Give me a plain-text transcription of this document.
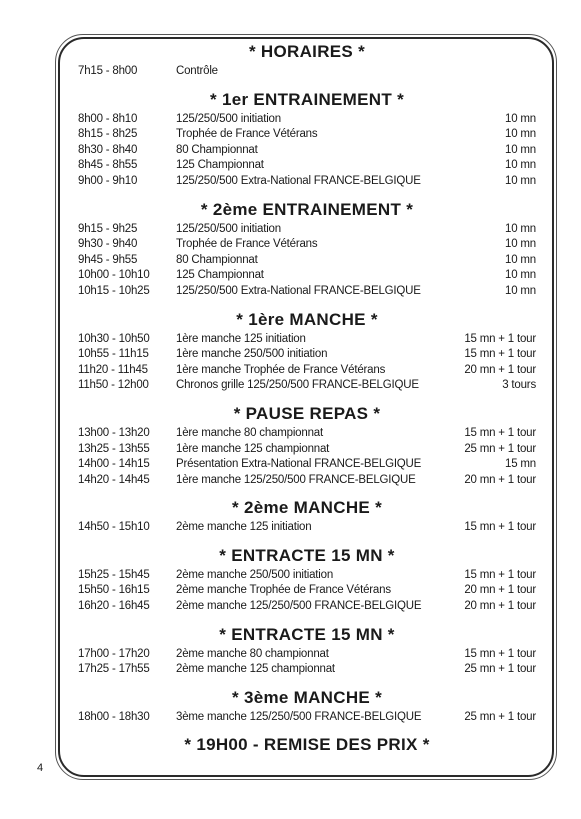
* HORAIRES *
7h15 - 8h00	Contrôle
* 1er ENTRAINEMENT *
8h00 - 8h10	125/250/500 initiation	10 mn
8h15 - 8h25	Trophée de France Vétérans	10 mn
8h30 - 8h40	80 Championnat	10 mn
8h45 - 8h55	125 Championnat	10 mn
9h00 - 9h10	125/250/500 Extra-National FRANCE-BELGIQUE	10 mn
* 2ème ENTRAINEMENT *
9h15 - 9h25	125/250/500 initiation	10 mn
9h30 - 9h40	Trophée de France Vétérans	10 mn
9h45 - 9h55	80 Championnat	10 mn
10h00 - 10h10	125 Championnat	10 mn
10h15 - 10h25	125/250/500 Extra-National FRANCE-BELGIQUE	10 mn
* 1ère MANCHE *
10h30 - 10h50	1ère manche 125 initiation	15 mn + 1 tour
10h55 - 11h15	1ère manche 250/500 initiation	15 mn + 1 tour
11h20 - 11h45	1ère manche Trophée de France Vétérans	20 mn + 1 tour
11h50 - 12h00	Chronos grille 125/250/500 FRANCE-BELGIQUE	3 tours
* PAUSE REPAS *
13h00 - 13h20	1ère manche 80 championnat	15 mn + 1 tour
13h25 - 13h55	1ère manche 125 championnat	25 mn + 1 tour
14h00 - 14h15	Présentation Extra-National FRANCE-BELGIQUE	15 mn
14h20 - 14h45	1ère manche 125/250/500 FRANCE-BELGIQUE	20 mn + 1 tour
* 2ème MANCHE *
14h50 - 15h10	2ème manche 125 initiation	15 mn + 1 tour
* ENTRACTE 15 MN *
15h25 - 15h45	2ème manche 250/500 initiation	15 mn + 1 tour
15h50 - 16h15	2ème manche Trophée de France Vétérans	20 mn + 1 tour
16h20 - 16h45	2ème manche 125/250/500 FRANCE-BELGIQUE	20 mn + 1 tour
* ENTRACTE 15 MN *
17h00 - 17h20	2ème manche 80 championnat	15 mn + 1 tour
17h25 - 17h55	2ème manche 125 championnat	25 mn + 1 tour
* 3ème MANCHE *
18h00 - 18h30	3ème manche 125/250/500 FRANCE-BELGIQUE	25 mn + 1 tour
* 19H00 - REMISE DES PRIX *
4
